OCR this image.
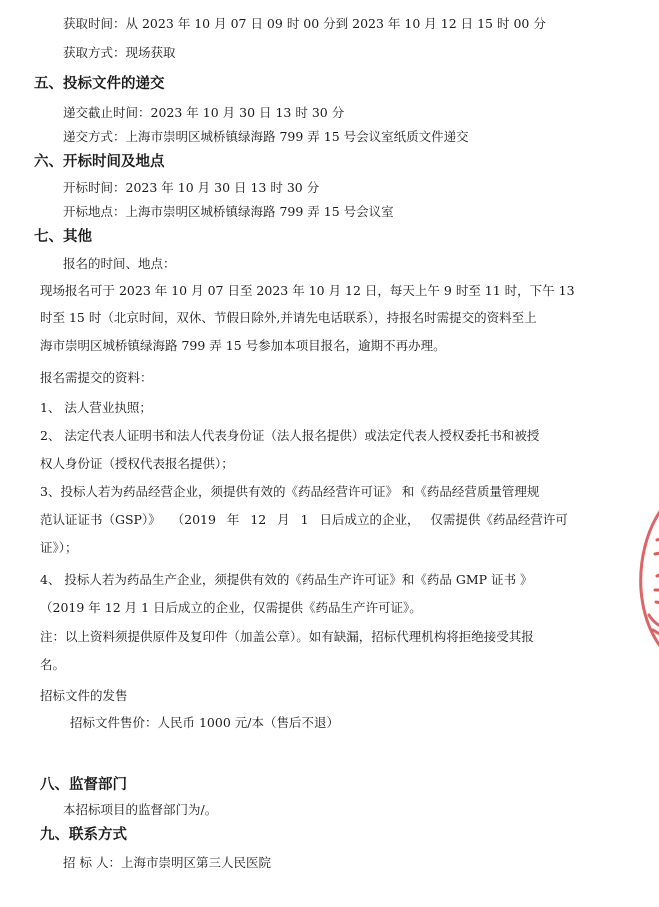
获取时间：从 2023 年 10 月 07 日 09 时 00 分到 2023 年 10 月 12 日 15 时 00 分
获取方式：现场获取
五、投标文件的递交
递交截止时间：2023 年 10 月 30 日 13 时 30 分
递交方式：上海市崇明区城桥镇绿海路 799 弄 15 号会议室纸质文件递交
六、开标时间及地点
开标时间：2023 年 10 月 30 日 13 时 30 分
开标地点：上海市崇明区城桥镇绿海路 799 弄 15 号会议室
七、其他
报名的时间、地点：
现场报名可于 2023 年 10 月 07 日至 2023 年 10 月 12 日，每天上午 9 时至 11 时，下午 13
时至 15 时（北京时间，双休、节假日除外,并请先电话联系），持报名时需提交的资料至上
海市崇明区城桥镇绿海路 799 弄 15 号参加本项目报名，逾期不再办理。
报名需提交的资料：
1、 法人营业执照；
2、 法定代表人证明书和法人代表身份证（法人报名提供）或法定代表人授权委托书和被授
权人身份证（授权代表报名提供）；
3、投标人若为药品经营企业，须提供有效的《药品经营许可证》 和《药品经营质量管理规
范认证证书（GSP）》 （2019 年 12 月 1 日后成立的企业， 仅需提供《药品经营许可
证》）；
4、 投标人若为药品生产企业，须提供有效的《药品生产许可证》和《药品 GMP 证书 》
（2019 年 12 月 1 日后成立的企业，仅需提供《药品生产许可证》。
注：以上资料须提供原件及复印件（加盖公章）。如有缺漏，招标代理机构将拒绝接受其报
名。
招标文件的发售
招标文件售价：人民币 1000 元/本（售后不退）
八、监督部门
本招标项目的监督部门为/。
九、联系方式
招 标 人：上海市崇明区第三人民医院
